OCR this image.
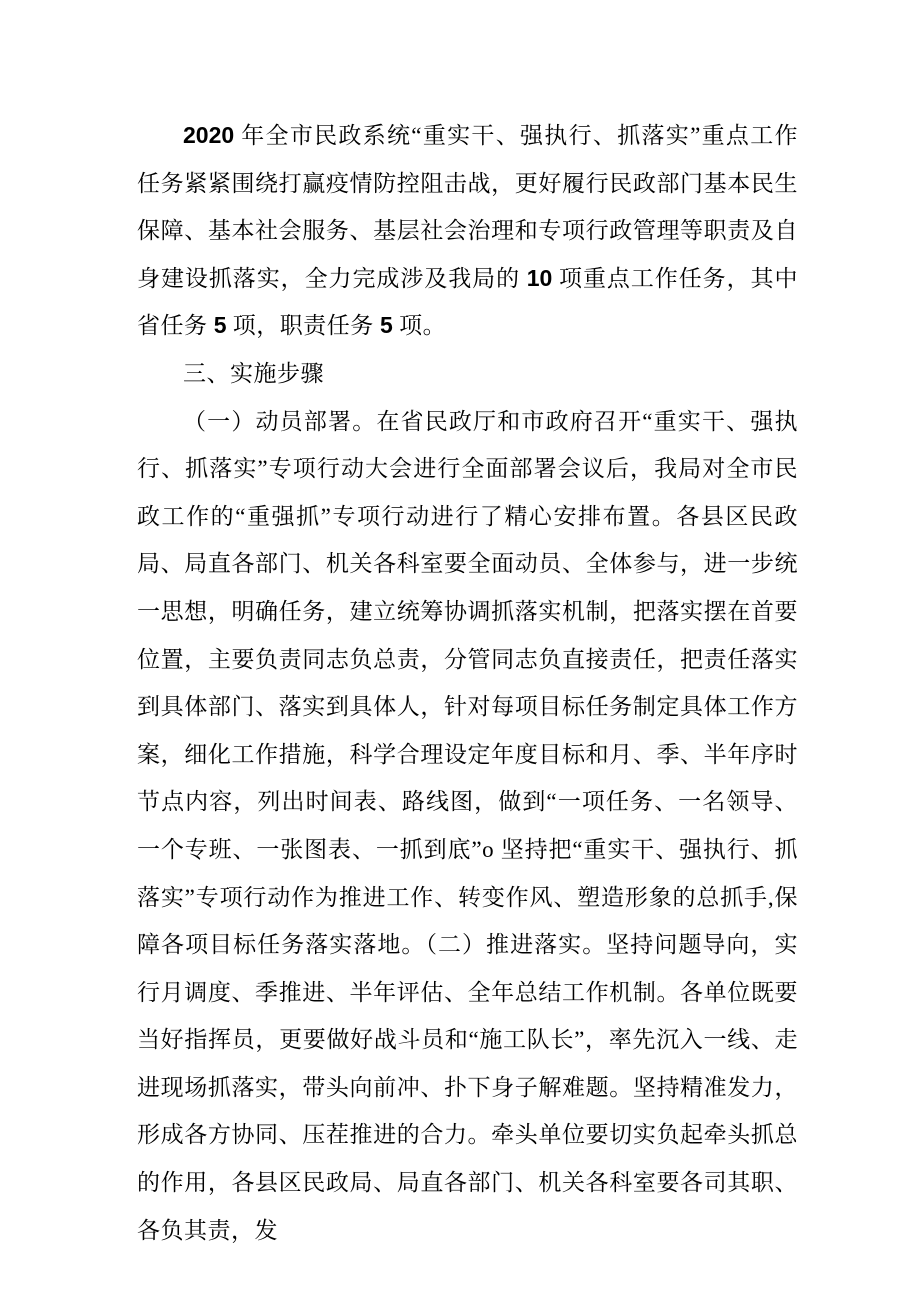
2020 年全市民政系统“重实干、强执行、抓落实”重点工作任务紧紧围绕打赢疫情防控阻击战，更好履行民政部门基本民生保障、基本社会服务、基层社会治理和专项行政管理等职责及自身建设抓落实，全力完成涉及我局的 10 项重点工作任务，其中省任务 5 项，职责任务 5 项。

三、实施步骤

（一）动员部署。在省民政厅和市政府召开“重实干、强执行、抓落实”专项行动大会进行全面部署会议后，我局对全市民政工作的“重强抓”专项行动进行了精心安排布置。各县区民政局、局直各部门、机关各科室要全面动员、全体参与，进一步统一思想，明确任务，建立统筹协调抓落实机制，把落实摆在首要位置，主要负责同志负总责，分管同志负直接责任，把责任落实到具体部门、落实到具体人，针对每项目标任务制定具体工作方案，细化工作措施，科学合理设定年度目标和月、季、半年序时节点内容，列出时间表、路线图，做到“一项任务、一名领导、一个专班、一张图表、一抓到底”o 坚持把“重实干、强执行、抓落实”专项行动作为推进工作、转变作风、塑造形象的总抓手,保障各项目标任务落实落地。（二）推进落实。坚持问题导向，实行月调度、季推进、半年评估、全年总结工作机制。各单位既要当好指挥员，更要做好战斗员和“施工队长”，率先沉入一线、走进现场抓落实，带头向前冲、扑下身子解难题。坚持精准发力，形成各方协同、压茬推进的合力。牵头单位要切实负起牵头抓总的作用，各县区民政局、局直各部门、机关各科室要各司其职、各负其责，发
